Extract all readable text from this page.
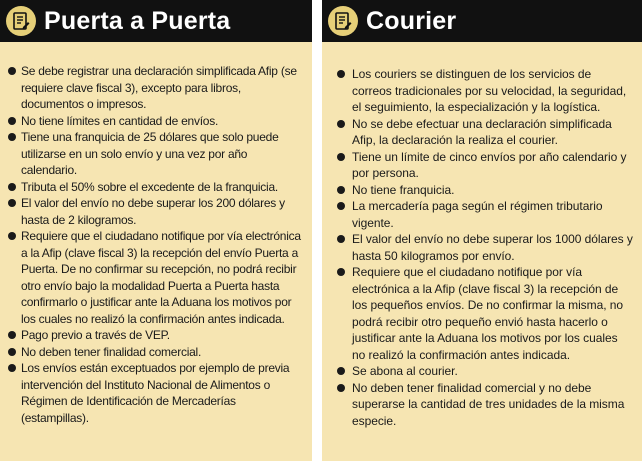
Puerta a Puerta
Se debe registrar una declaración simplificada Afip (se requiere clave fiscal 3), excepto para libros, documentos o impresos.
No tiene límites en cantidad de envíos.
Tiene una franquicia de 25 dólares que solo puede utilizarse en un solo envío y una vez por año calendario.
Tributa el 50% sobre el excedente de la franquicia.
El valor del envío no debe superar los 200 dólares y hasta de 2 kilogramos.
Requiere que el ciudadano notifique por vía electrónica a la Afip (clave fiscal 3) la recepción del envío Puerta a Puerta. De no confirmar su recepción, no podrá recibir otro envío bajo la modalidad Puerta a Puerta hasta confirmarlo o justificar ante la Aduana los motivos por los cuales no realizó la confirmación antes indicada.
Pago previo a través de VEP.
No deben tener finalidad comercial.
Los envíos están exceptuados por ejemplo de previa intervención del Instituto Nacional de Alimentos o Régimen de Identificación de Mercaderías (estampillas).
Courier
Los couriers se distinguen de los servicios de correos tradicionales por su velocidad, la seguridad, el seguimiento, la especialización y la logística.
No se debe efectuar una declaración simplificada Afip, la declaración la realiza el courier.
Tiene un límite de cinco envíos por año calendario y por persona.
No tiene franquicia.
La mercadería paga según el régimen tributario vigente.
El valor del envío no debe superar los 1000 dólares y hasta 50 kilogramos por envío.
Requiere que el ciudadano notifique por vía electrónica a la Afip (clave fiscal 3) la recepción de los pequeños envíos. De no confirmar la misma, no podrá recibir otro pequeño envió hasta hacerlo o justificar ante la Aduana los motivos por los cuales no realizó la confirmación antes indicada.
Se abona al courier.
No deben tener finalidad comercial y no debe superarse la cantidad de tres unidades de la misma especie.
